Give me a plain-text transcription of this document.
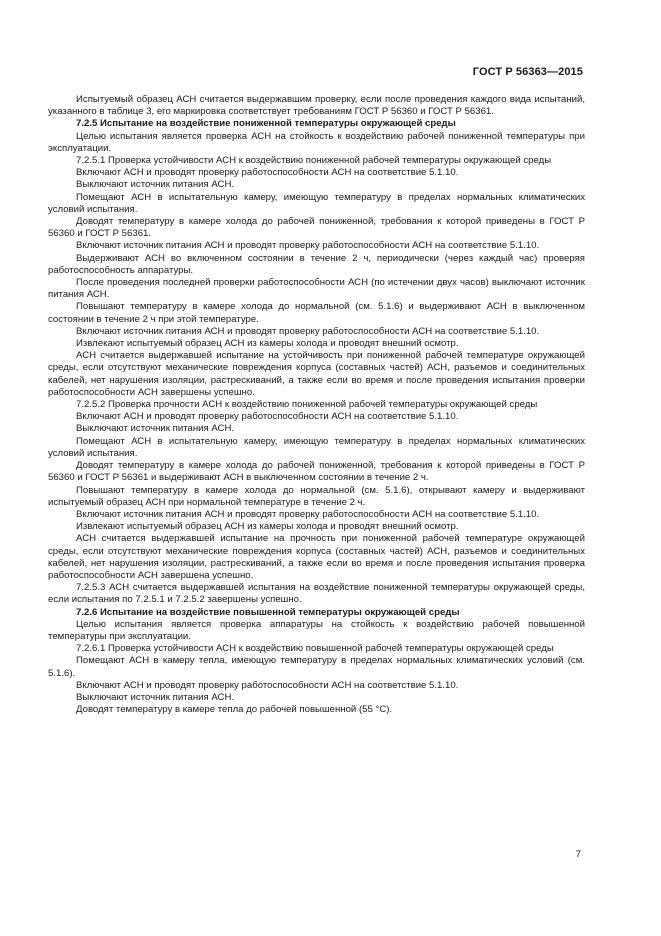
ГОСТ Р 56363—2015

Испытуемый образец АСН считается выдержавшим проверку, если после проведения каждого вида испытаний, указанного в таблице 3, его маркировка соответствует требованиям ГОСТ Р 56360 и ГОСТ Р 56361.

7.2.5 Испытание на воздействие пониженной температуры окружающей среды

Целью испытания является проверка АСН на стойкость к воздействию рабочей пониженной температуры при эксплуатации.

7.2.5.1 Проверка устойчивости АСН к воздействию пониженной рабочей температуры окружающей среды

Включают АСН и проводят проверку работоспособности АСН на соответствие 5.1.10.

Выключают источник питания АСН.

Помещают АСН в испытательную камеру, имеющую температуру в пределах нормальных климатических условий испытания.

Доводят температуру в камере холода до рабочей пониженной, требования к которой приведены в ГОСТ Р 56360 и ГОСТ Р 56361.

Включают источник питания АСН и проводят проверку работоспособности АСН на соответствие 5.1.10.

Выдерживают АСН во включенном состоянии в течение 2 ч, периодически (через каждый час) проверяя работоспособность аппаратуры.

После проведения последней проверки работоспособности АСН (по истечении двух часов) выключают источник питания АСН.

Повышают температуру в камере холода до нормальной (см. 5.1.6) и выдерживают АСН в выключенном состоянии в течение 2 ч при этой температуре.

Включают источник питания АСН и проводят проверку работоспособности АСН на соответствие 5.1.10.

Извлекают испытуемый образец АСН из камеры холода и проводят внешний осмотр.

АСН считается выдержавшей испытание на устойчивость при пониженной рабочей температуре окружающей среды, если отсутствуют механические повреждения корпуса (составных частей) АСН, разъемов и соединительных кабелей, нет нарушения изоляции, растрескиваний, а также если во время и после проведения испытания проверки работоспособности АСН завершены успешно.

7.2.5.2 Проверка прочности АСН к воздействию пониженной рабочей температуры окружающей среды

Включают АСН и проводят проверку работоспособности АСН на соответствие 5.1.10.

Выключают источник питания АСН.

Помещают АСН в испытательную камеру, имеющую температуру в пределах нормальных климатических условий испытания.

Доводят температуру в камере холода до рабочей пониженной, требования к которой приведены в ГОСТ Р 56360 и ГОСТ Р 56361 и выдерживают АСН в выключенном состоянии в течение 2 ч.

Повышают температуру в камере холода до нормальной (см. 5.1.6), открывают камеру и выдерживают испытуемый образец АСН при нормальной температуре в течение 2 ч.

Включают источник питания АСН и проводят проверку работоспособности АСН на соответствие 5.1.10.

Извлекают испытуемый образец АСН из камеры холода и проводят внешний осмотр.

АСН считается выдержавшей испытание на прочность при пониженной рабочей температуре окружающей среды, если отсутствуют механические повреждения корпуса (составных частей) АСН, разъемов и соединительных кабелей, нет нарушения изоляции, растрескиваний, а также если во время и после проведения испытания проверка работоспособности АСН завершена успешно.

7.2.5.3 АСН считается выдержавшей испытания на воздействие пониженной температуры окружающей среды, если испытания по 7.2.5.1 и 7.2.5.2 завершены успешно.

7.2.6 Испытание на воздействие повышенной температуры окружающей среды

Целью испытания является проверка аппаратуры на стойкость к воздействию рабочей повышенной температуры при эксплуатации.

7.2.6.1 Проверка устойчивости АСН к воздействию повышенной рабочей температуры окружающей среды

Помещают АСН в камеру тепла, имеющую температуру в пределах нормальных климатических условий (см. 5.1.6).

Включают АСН и проводят проверку работоспособности АСН на соответствие 5.1.10.

Выключают источник питания АСН.

Доводят температуру в камере тепла до рабочей повышенной (55 °С).

7
